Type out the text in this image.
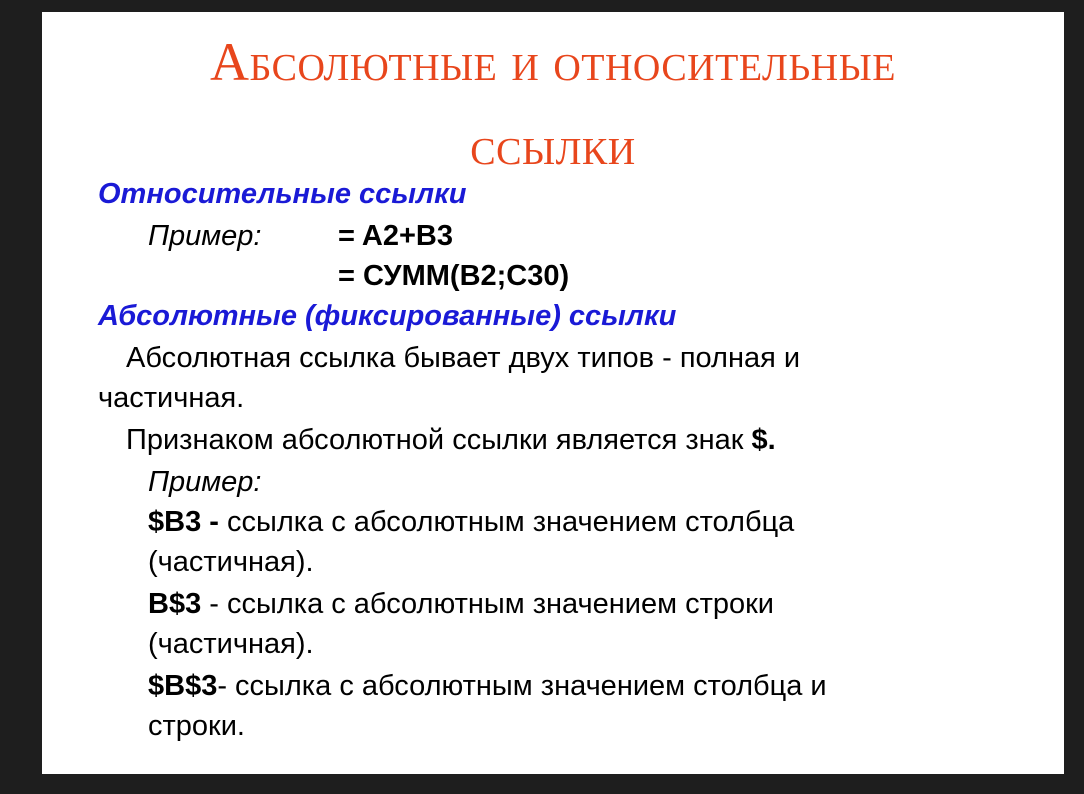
Абсолютные и относительные
ссылки
Относительные ссылки
Пример:	= A2+B3
= СУММ(B2;C30)
Абсолютные (фиксированные) ссылки
Абсолютная ссылка бывает двух типов - полная и
частичная.
Признаком абсолютной ссылки является знак $.
Пример:
$B3 - ссылка с абсолютным значением столбца
(частичная).
B$3 - ссылка с абсолютным значением строки
(частичная).
$B$3- ссылка с абсолютным значением столбца и
строки.
